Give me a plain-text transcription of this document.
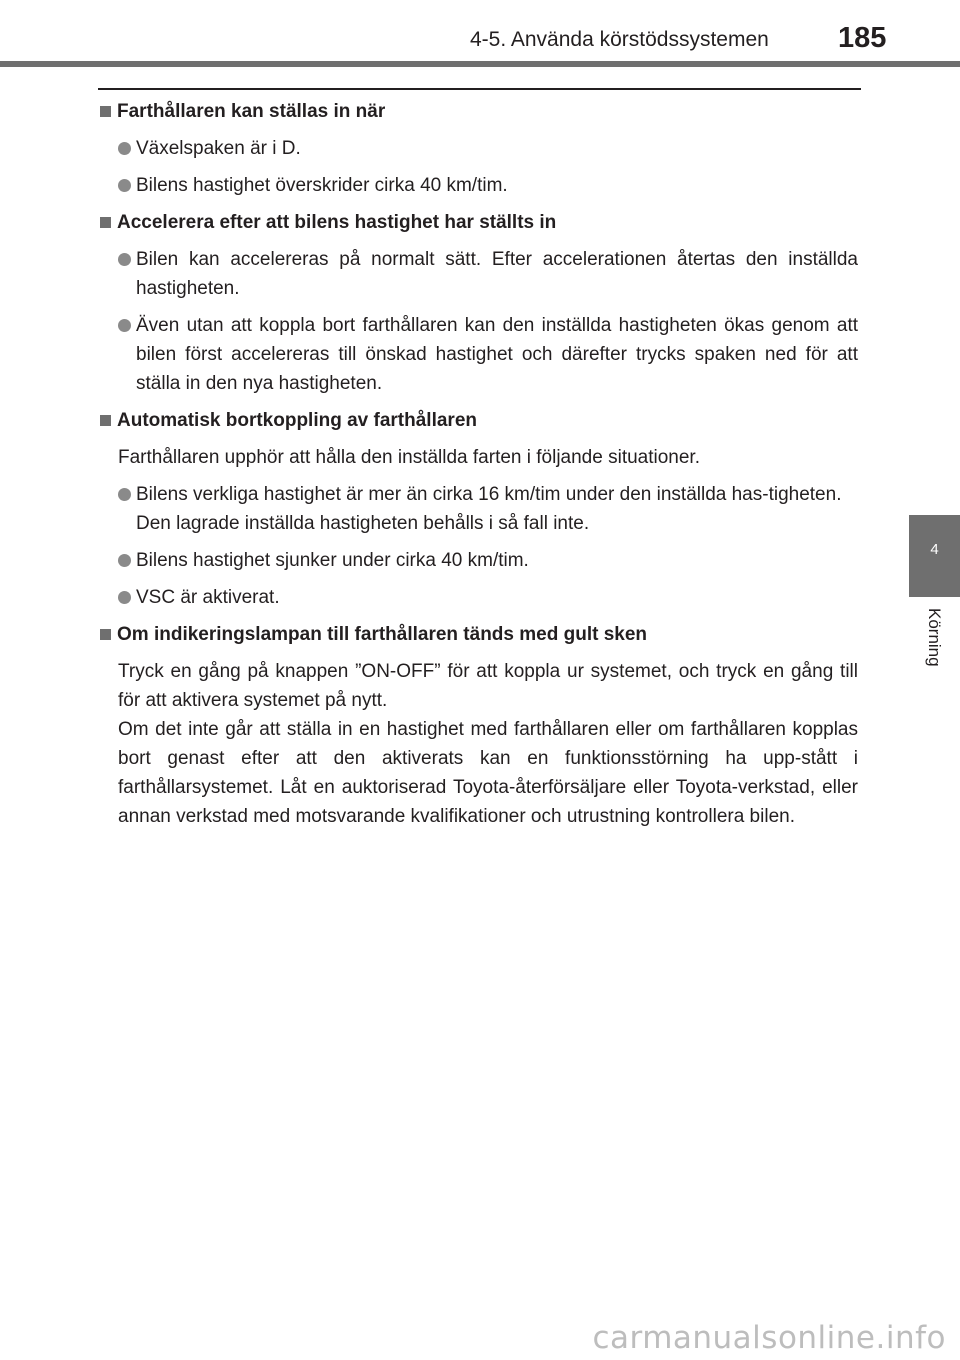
4-5. Använda körstödssystemen 185
4
Körning
Farthållaren kan ställas in när
Växelspaken är i D.
Bilens hastighet överskrider cirka 40 km/tim.
Accelerera efter att bilens hastighet har ställts in
Bilen kan accelereras på normalt sätt. Efter accelerationen återtas den inställda hastigheten.
Även utan att koppla bort farthållaren kan den inställda hastigheten ökas genom att bilen först accelereras till önskad hastighet och därefter trycks spaken ned för att ställa in den nya hastigheten.
Automatisk bortkoppling av farthållaren
Farthållaren upphör att hålla den inställda farten i följande situationer.
Bilens verkliga hastighet är mer än cirka 16 km/tim under den inställda has-tigheten.
Den lagrade inställda hastigheten behålls i så fall inte.
Bilens hastighet sjunker under cirka 40 km/tim.
VSC är aktiverat.
Om indikeringslampan till farthållaren tänds med gult sken
Tryck en gång på knappen ”ON-OFF” för att koppla ur systemet, och tryck en gång till för att aktivera systemet på nytt.
Om det inte går att ställa in en hastighet med farthållaren eller om farthållaren kopplas bort genast efter att den aktiverats kan en funktionsstörning ha upp-stått i farthållarsystemet. Låt en auktoriserad Toyota-återförsäljare eller Toyota-verkstad, eller annan verkstad med motsvarande kvalifikationer och utrustning kontrollera bilen.
carmanualsonline.info
